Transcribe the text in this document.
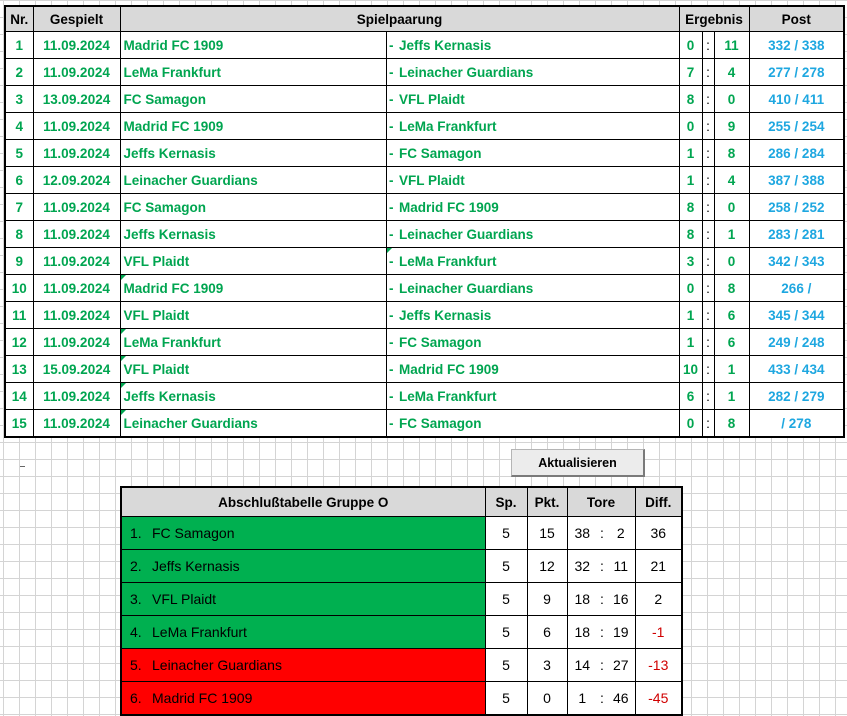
Nr.	Gespielt	Spielpaarung			Ergebnis			Post
1	11.09.2024	Madrid FC 1909	-	Jeffs Kernasis	0	:	11	332 / 338
2	11.09.2024	LeMa Frankfurt	-	Leinacher Guardians	7	:	4	277 / 278
3	13.09.2024	FC Samagon	-	VFL Plaidt	8	:	0	410 / 411
4	11.09.2024	Madrid FC 1909	-	LeMa Frankfurt	0	:	9	255 / 254
5	11.09.2024	Jeffs Kernasis	-	FC Samagon	1	:	8	286 / 284
6	12.09.2024	Leinacher Guardians	-	VFL Plaidt	1	:	4	387 / 388
7	11.09.2024	FC Samagon	-	Madrid FC 1909	8	:	0	258 / 252
8	11.09.2024	Jeffs Kernasis	-	Leinacher Guardians	8	:	1	283 / 281
9	11.09.2024	VFL Plaidt	-	LeMa Frankfurt	3	:	0	342 / 343
10	11.09.2024	Madrid FC 1909	-	Leinacher Guardians	0	:	8	266 /
11	11.09.2024	VFL Plaidt	-	Jeffs Kernasis	1	:	6	345 / 344
12	11.09.2024	LeMa Frankfurt	-	FC Samagon	1	:	6	249 / 248
13	15.09.2024	VFL Plaidt	-	Madrid FC 1909	10	:	1	433 / 434
14	11.09.2024	Jeffs Kernasis	-	LeMa Frankfurt	6	:	1	282 / 279
15	11.09.2024	Leinacher Guardians	-	FC Samagon	0	:	8	/ 278
Aktualisieren
Abschlußtabelle Gruppe O	Sp.	Pkt.	Tore			Diff.
1. FC Samagon	5	15	38	:	2	36
2. Jeffs Kernasis	5	12	32	:	11	21
3. VFL Plaidt	5	9	18	:	16	2
4. LeMa Frankfurt	5	6	18	:	19	-1
5. Leinacher Guardians	5	3	14	:	27	-13
6. Madrid FC 1909	5	0	1	:	46	-45
